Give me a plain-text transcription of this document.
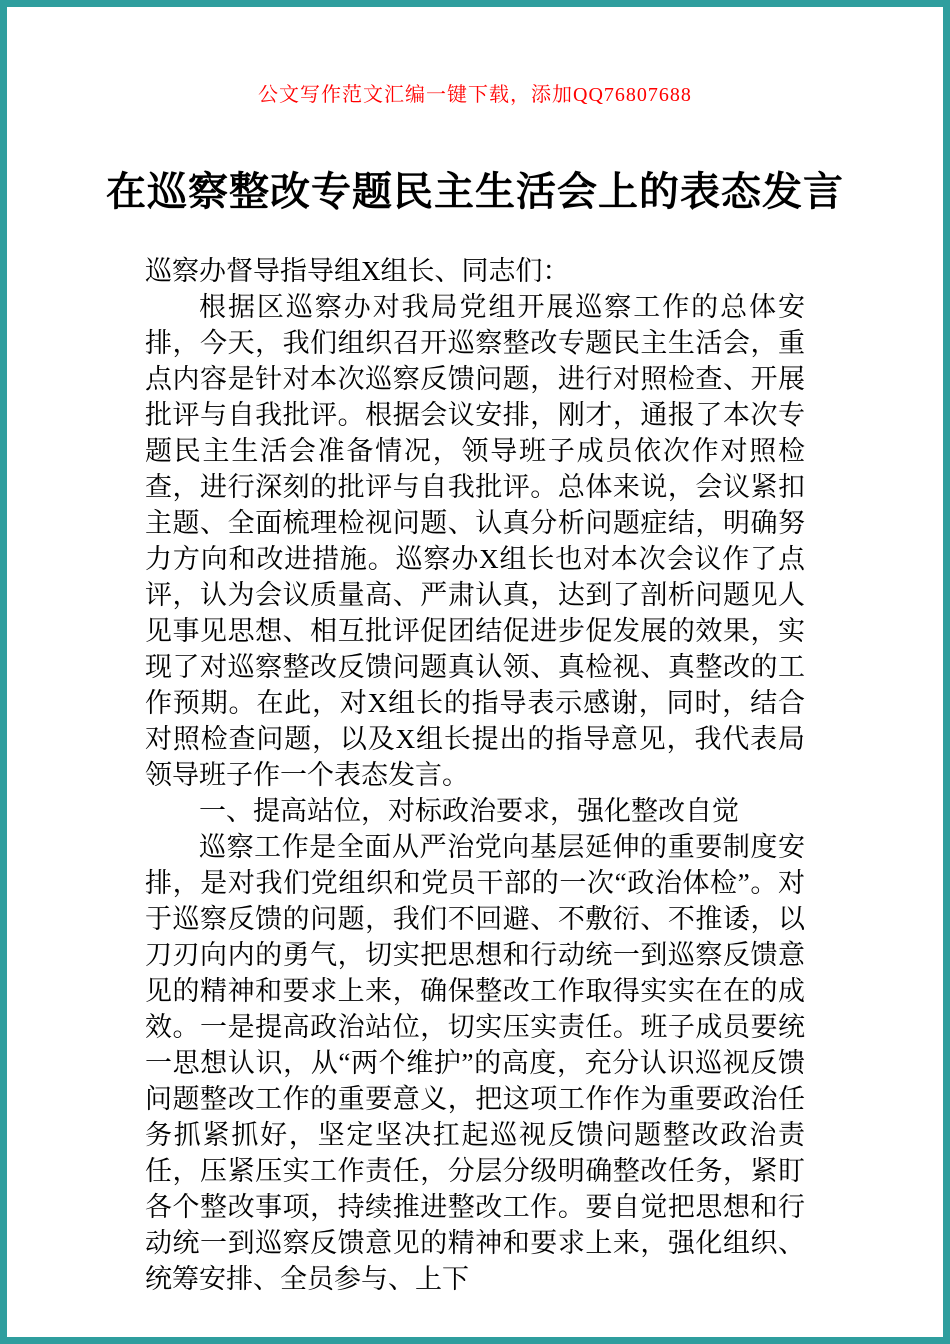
公文写作范文汇编一键下载，添加QQ76807688
在巡察整改专题民主生活会上的表态发言

巡察办督导指导组X组长、同志们：

根据区巡察办对我局党组开展巡察工作的总体安排，今天，我们组织召开巡察整改专题民主生活会，重点内容是针对本次巡察反馈问题，进行对照检查、开展批评与自我批评。根据会议安排，刚才，通报了本次专题民主生活会准备情况，领导班子成员依次作对照检查，进行深刻的批评与自我批评。总体来说，会议紧扣主题、全面梳理检视问题、认真分析问题症结，明确努力方向和改进措施。巡察办X组长也对本次会议作了点评，认为会议质量高、严肃认真，达到了剖析问题见人见事见思想、相互批评促团结促进步促发展的效果，实现了对巡察整改反馈问题真认领、真检视、真整改的工作预期。在此，对X组长的指导表示感谢，同时，结合对照检查问题，以及X组长提出的指导意见，我代表局领导班子作一个表态发言。

一、提高站位，对标政治要求，强化整改自觉

巡察工作是全面从严治党向基层延伸的重要制度安排，是对我们党组织和党员干部的一次“政治体检”。对于巡察反馈的问题，我们不回避、不敷衍、不推诿，以刀刃向内的勇气，切实把思想和行动统一到巡察反馈意见的精神和要求上来，确保整改工作取得实实在在的成效。一是提高政治站位，切实压实责任。班子成员要统一思想认识，从“两个维护”的高度，充分认识巡视反馈问题整改工作的重要意义，把这项工作作为重要政治任务抓紧抓好，坚定坚决扛起巡视反馈问题整改政治责任，压紧压实工作责任，分层分级明确整改任务，紧盯各个整改事项，持续推进整改工作。要自觉把思想和行动统一到巡察反馈意见的精神和要求上来，强化组织、统筹安排、全员参与、上下
